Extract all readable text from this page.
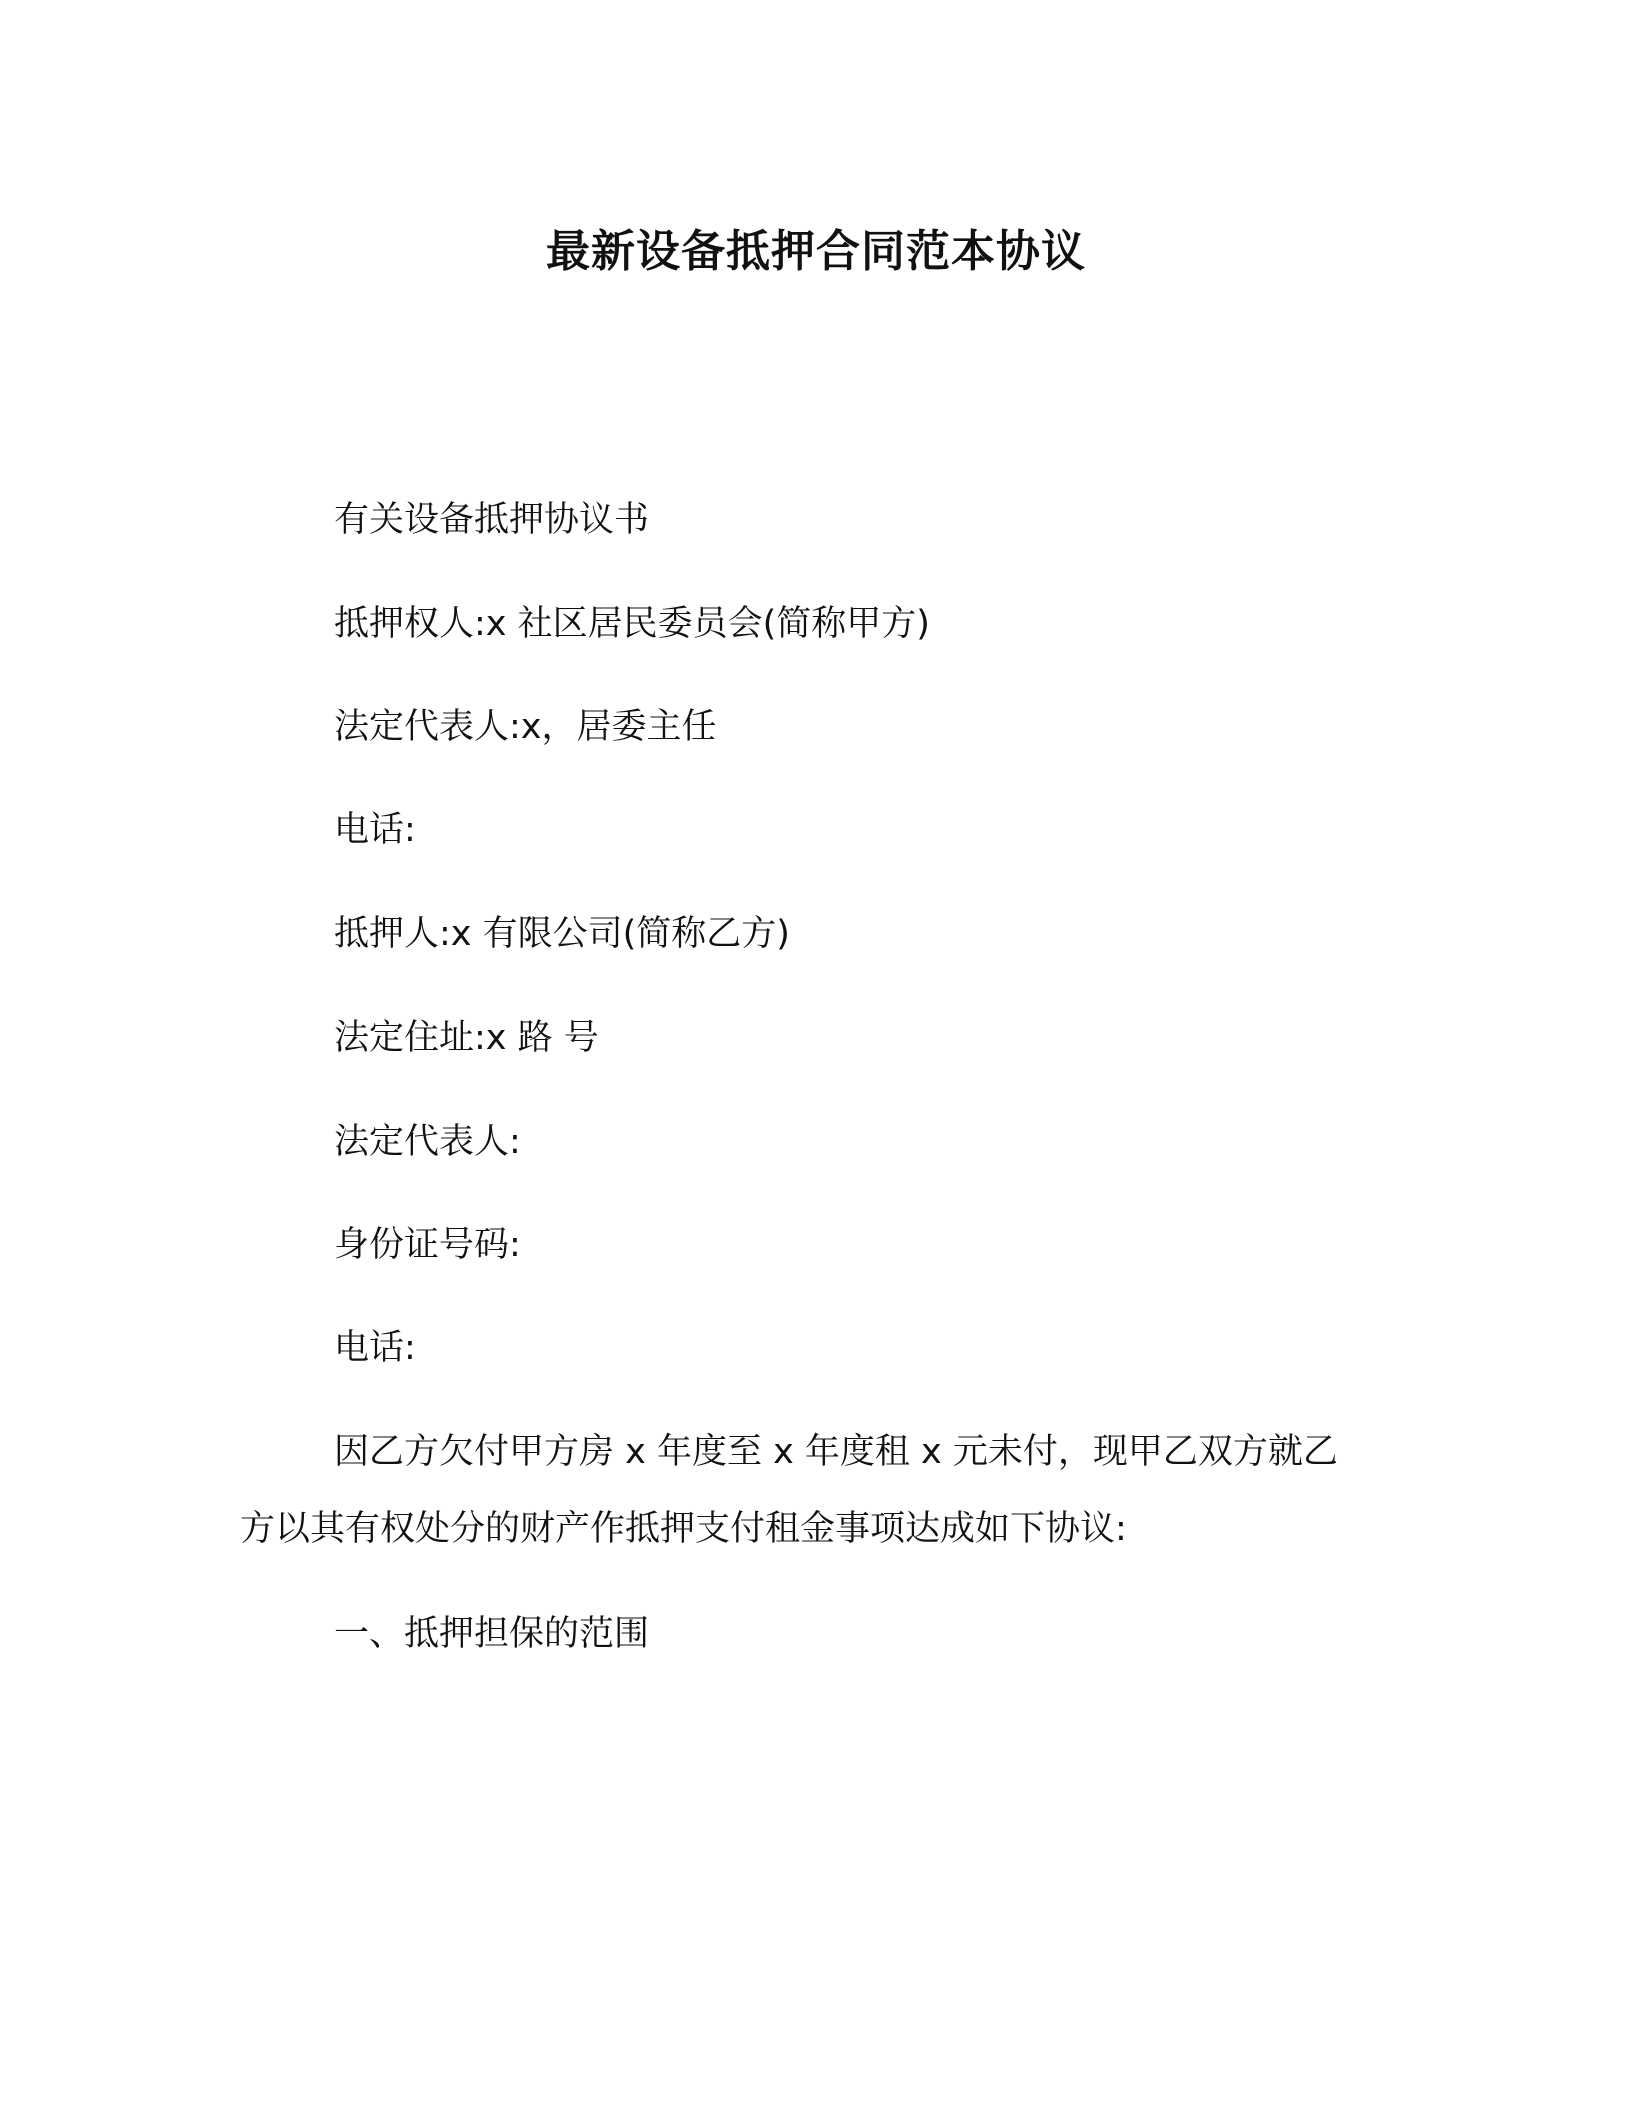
最新设备抵押合同范本协议
有关设备抵押协议书
抵押权人:x 社区居民委员会(简称甲方)
法定代表人:x，居委主任
电话:
抵押人:x 有限公司(简称乙方)
法定住址:x 路 号
法定代表人:
身份证号码:
电话:
因乙方欠付甲方房 x 年度至 x 年度租 x 元未付，现甲乙双方就乙
方以其有权处分的财产作抵押支付租金事项达成如下协议:
一、抵押担保的范围
